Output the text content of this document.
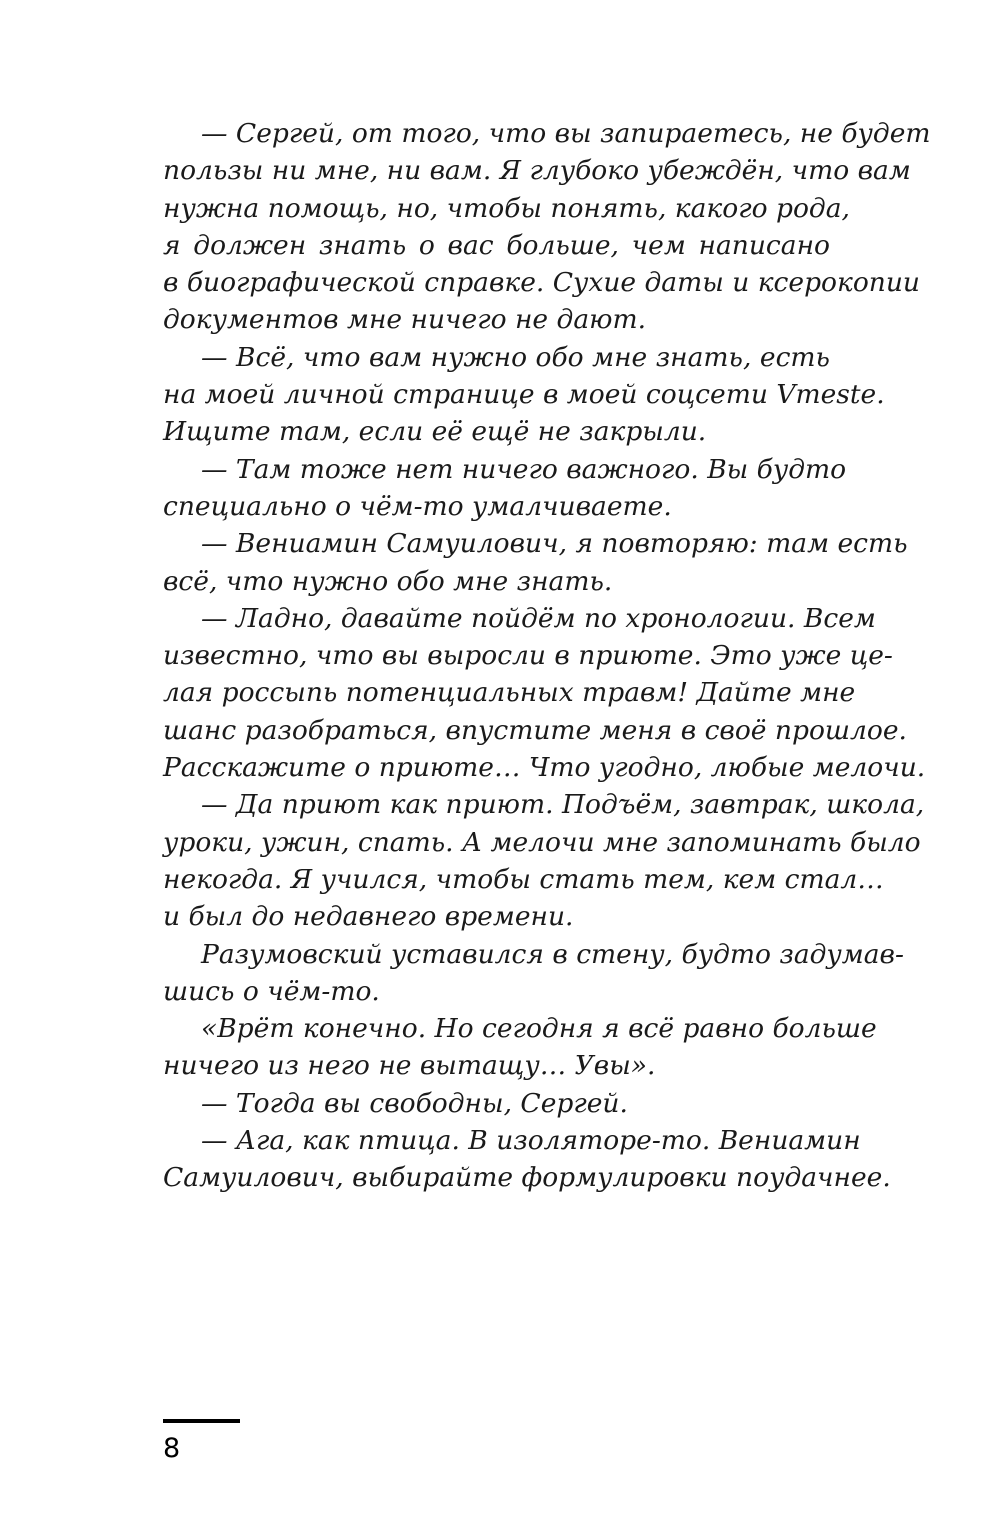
— Сергей, от того, что вы запираетесь, не будет
пользы ни мне, ни вам. Я глубоко убеждён, что вам
нужна помощь, но, чтобы понять, какого рода,
я должен знать о вас больше, чем написано
в биографической справке. Сухие даты и ксерокопии
документов мне ничего не дают.
— Всё, что вам нужно обо мне знать, есть
на моей личной странице в моей соцсети Vmeste.
Ищите там, если её ещё не закрыли.
— Там тоже нет ничего важного. Вы будто
специально о чём-то умалчиваете.
— Вениамин Самуилович, я повторяю: там есть
всё, что нужно обо мне знать.
— Ладно, давайте пойдём по хронологии. Всем
известно, что вы выросли в приюте. Это уже це-
лая россыпь потенциальных травм! Дайте мне
шанс разобраться, впустите меня в своё прошлое.
Расскажите о приюте… Что угодно, любые мелочи.
— Да приют как приют. Подъём, завтрак, школа,
уроки, ужин, спать. А мелочи мне запоминать было
некогда. Я учился, чтобы стать тем, кем стал…
и был до недавнего времени.
Разумовский уставился в стену, будто задумав-
шись о чём-то.
«Врёт конечно. Но сегодня я всё равно больше
ничего из него не вытащу… Увы».
— Тогда вы свободны, Сергей.
— Ага, как птица. В изоляторе-то. Вениамин
Самуилович, выбирайте формулировки поудачнее.
8
